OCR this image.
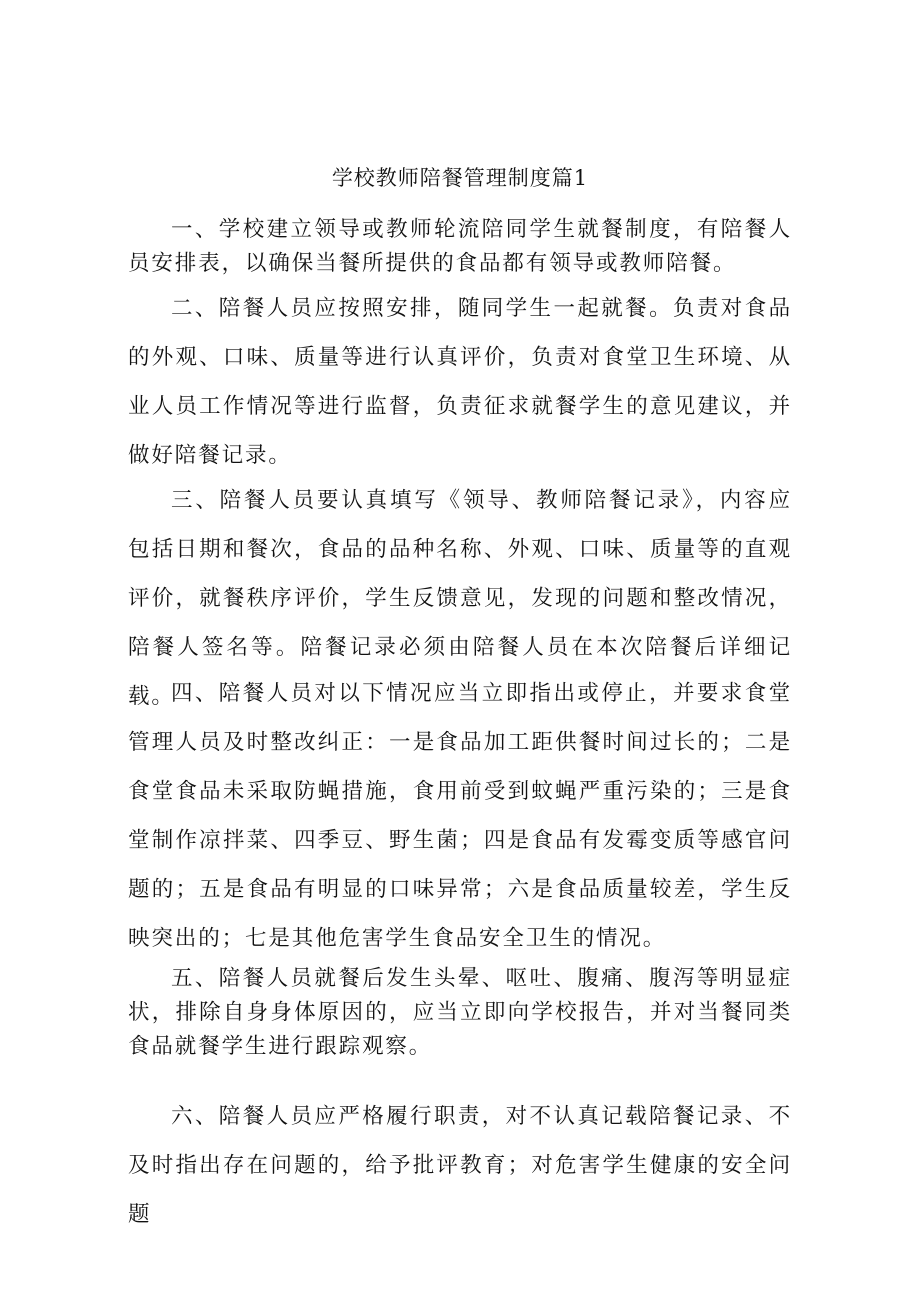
学校教师陪餐管理制度篇1

一、学校建立领导或教师轮流陪同学生就餐制度，有陪餐人员安排表，以确保当餐所提供的食品都有领导或教师陪餐。

二、陪餐人员应按照安排，随同学生一起就餐。负责对食品的外观、口味、质量等进行认真评价，负责对食堂卫生环境、从业人员工作情况等进行监督，负责征求就餐学生的意见建议，并做好陪餐记录。

三、陪餐人员要认真填写《领导、教师陪餐记录》，内容应包括日期和餐次，食品的品种名称、外观、口味、质量等的直观评价，就餐秩序评价，学生反馈意见，发现的问题和整改情况，陪餐人签名等。陪餐记录必须由陪餐人员在本次陪餐后详细记载。

四、陪餐人员对以下情况应当立即指出或停止，并要求食堂管理人员及时整改纠正：一是食品加工距供餐时间过长的；二是食堂食品未采取防蝇措施，食用前受到蚊蝇严重污染的；三是食堂制作凉拌菜、四季豆、野生菌；四是食品有发霉变质等感官问题的；五是食品有明显的口味异常；六是食品质量较差，学生反映突出的；七是其他危害学生食品安全卫生的情况。

五、陪餐人员就餐后发生头晕、呕吐、腹痛、腹泻等明显症状，排除自身身体原因的，应当立即向学校报告，并对当餐同类食品就餐学生进行跟踪观察。

六、陪餐人员应严格履行职责，对不认真记载陪餐记录、不及时指出存在问题的，给予批评教育；对危害学生健康的安全问题
